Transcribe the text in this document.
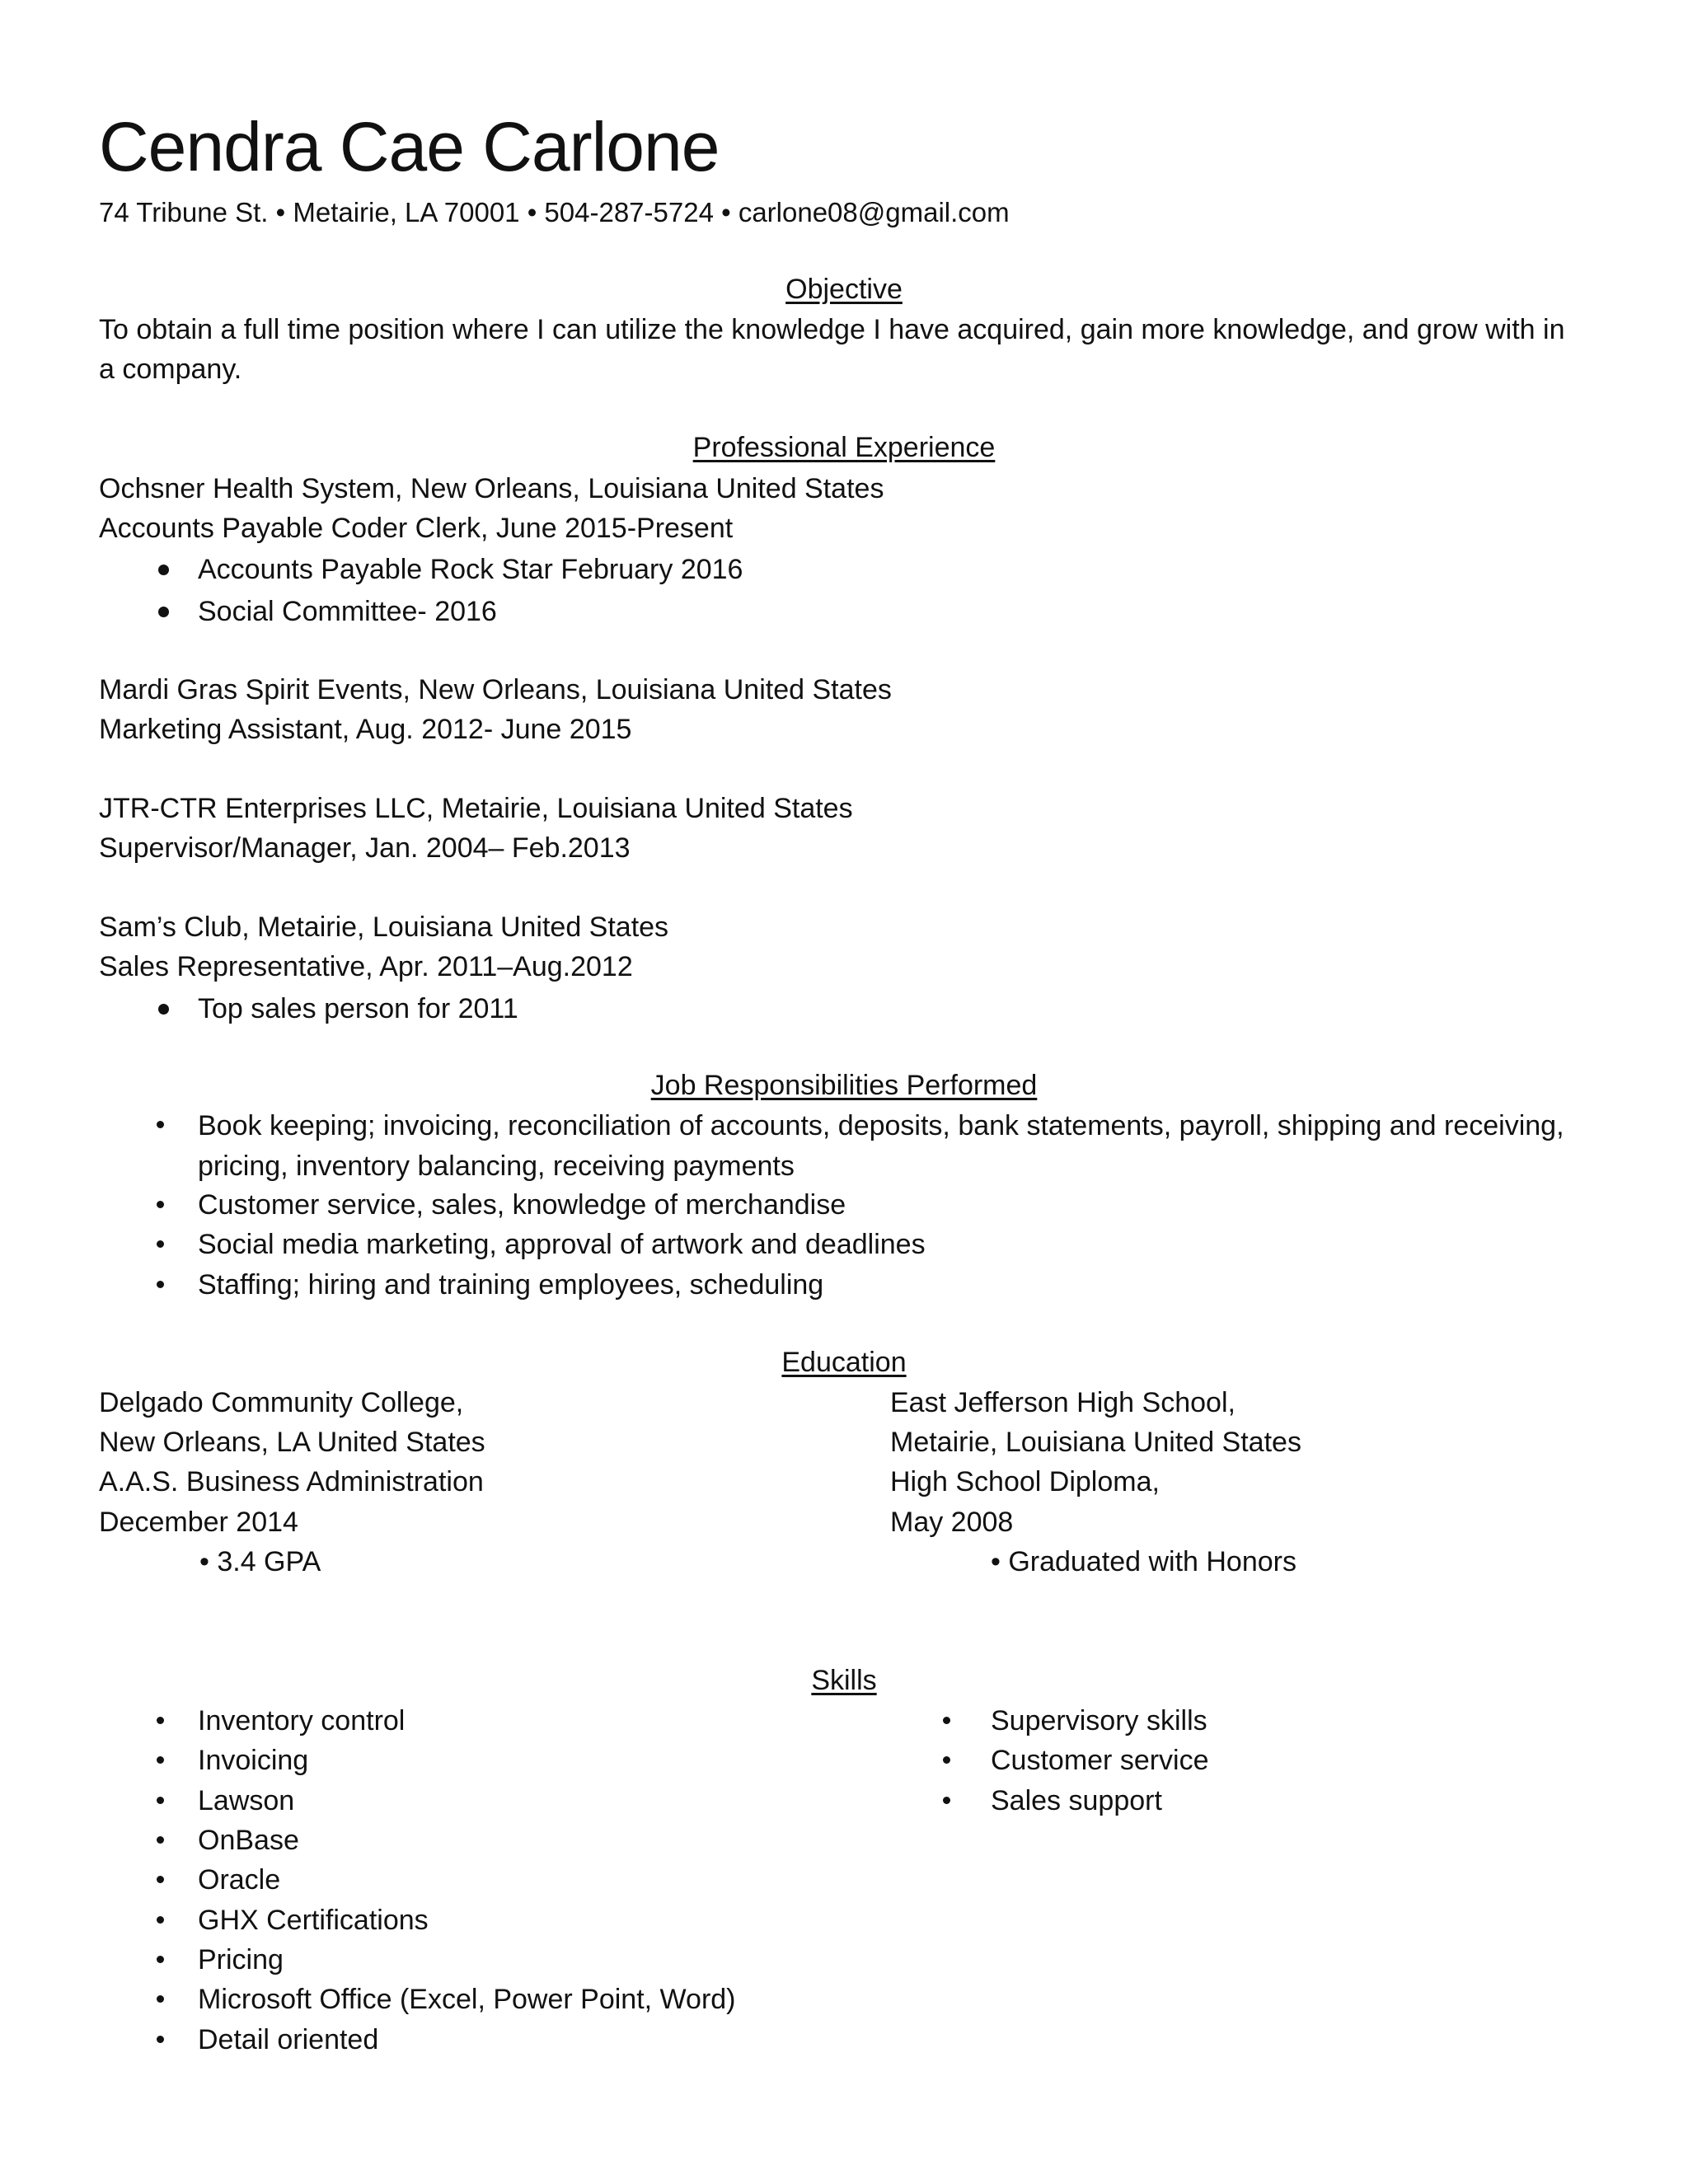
Cendra Cae Carlone
74 Tribune St. • Metairie, LA 70001 • 504-287-5724 • carlone08@gmail.com
Objective
To obtain a full time position where I can utilize the knowledge I have acquired, gain more knowledge, and grow with in a company.
Professional Experience
Ochsner Health System, New Orleans, Louisiana United States
Accounts Payable Coder Clerk, June 2015-Present
Accounts Payable Rock Star February 2016
Social Committee- 2016
Mardi Gras Spirit Events, New Orleans, Louisiana United States
Marketing Assistant, Aug. 2012- June 2015
JTR-CTR Enterprises LLC, Metairie, Louisiana United States
Supervisor/Manager, Jan. 2004– Feb.2013
Sam’s Club, Metairie, Louisiana United States
Sales Representative, Apr. 2011–Aug.2012
Top sales person for 2011
Job Responsibilities Performed
Book keeping; invoicing, reconciliation of accounts, deposits, bank statements, payroll, shipping and receiving, pricing, inventory balancing, receiving payments
Customer service, sales, knowledge of merchandise
Social media marketing, approval of artwork and deadlines
Staffing; hiring and training employees, scheduling
Education
Delgado Community College,
New Orleans, LA United States
A.A.S. Business Administration
December 2014
• 3.4 GPA
East Jefferson High School,
Metairie, Louisiana United States
High School Diploma,
May 2008
• Graduated with Honors
Skills
Inventory control
Invoicing
Lawson
OnBase
Oracle
GHX Certifications
Pricing
Microsoft Office (Excel, Power Point, Word)
Detail oriented
Supervisory skills
Customer service
Sales support
